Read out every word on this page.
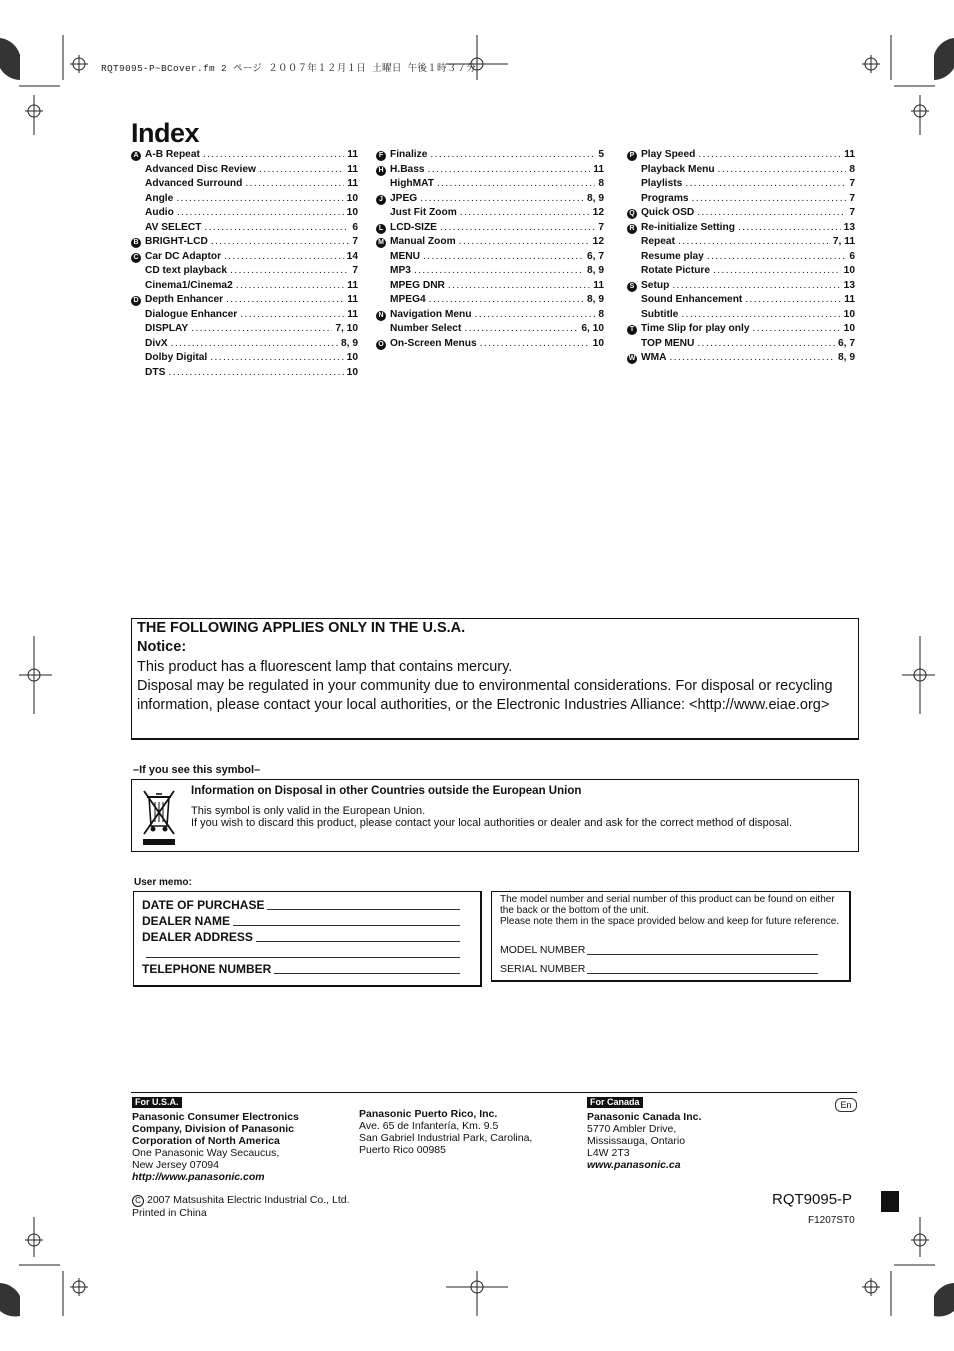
RQT9095-P~BCover.fm 2 ページ ２００７年１２月１日 土曜日 午後１時３７分
Index
A A-B Repeat .....	11
Advanced Disc Review .....	11
Advanced Surround .....	11
Angle .....	10
Audio .....	10
AV SELECT .....	6
B BRIGHT-LCD .....	7
C Car DC Adaptor .....	14
CD text playback .....	7
Cinema1/Cinema2 .....	11
D Depth Enhancer .....	11
Dialogue Enhancer .....	11
DISPLAY .....	7, 10
DivX .....	8, 9
Dolby Digital .....	10
DTS .....	10
F Finalize .....	5
H H.Bass .....	11
HighMAT .....	8
J JPEG .....	8, 9
Just Fit Zoom .....	12
L LCD-SIZE .....	7
M Manual Zoom .....	12
MENU .....	6, 7
MP3 .....	8, 9
MPEG DNR .....	11
MPEG4 .....	8, 9
N Navigation Menu .....	8
Number Select .....	6, 10
O On-Screen Menus .....	10
P Play Speed .....	11
Playback Menu .....	8
Playlists .....	7
Programs .....	7
Q Quick OSD .....	7
R Re-initialize Setting .....	13
Repeat .....	7, 11
Resume play .....	6
Rotate Picture .....	10
S Setup .....	13
Sound Enhancement .....	11
Subtitle .....	10
T Time Slip for play only .....	10
TOP MENU .....	6, 7
W WMA .....	8, 9
THE FOLLOWING APPLIES ONLY IN THE U.S.A.
Notice:
This product has a fluorescent lamp that contains mercury.
Disposal may be regulated in your community due to environmental considerations. For disposal or recycling information, please contact your local authorities, or the Electronic Industries Alliance: <http://www.eiae.org>
–If you see this symbol–
Information on Disposal in other Countries outside the European Union
This symbol is only valid in the European Union.
If you wish to discard this product, please contact your local authorities or dealer and ask for the correct method of disposal.
User memo:
DATE OF PURCHASE
DEALER NAME
DEALER ADDRESS
TELEPHONE NUMBER
The model number and serial number of this product can be found on either the back or the bottom of the unit.
Please note them in the space provided below and keep for future reference.
MODEL NUMBER
SERIAL NUMBER
For U.S.A.
Panasonic Consumer Electronics Company, Division of Panasonic Corporation of North America
One Panasonic Way Secaucus,
New Jersey 07094
http://www.panasonic.com
Panasonic Puerto Rico, Inc.
Ave. 65 de Infantería, Km. 9.5
San Gabriel Industrial Park, Carolina,
Puerto Rico 00985
For Canada
Panasonic Canada Inc.
5770 Ambler Drive,
Mississauga, Ontario
L4W 2T3
www.panasonic.ca
En
C 2007 Matsushita Electric Industrial Co., Ltd.
Printed in China
RQT9095-P
F1207ST0
